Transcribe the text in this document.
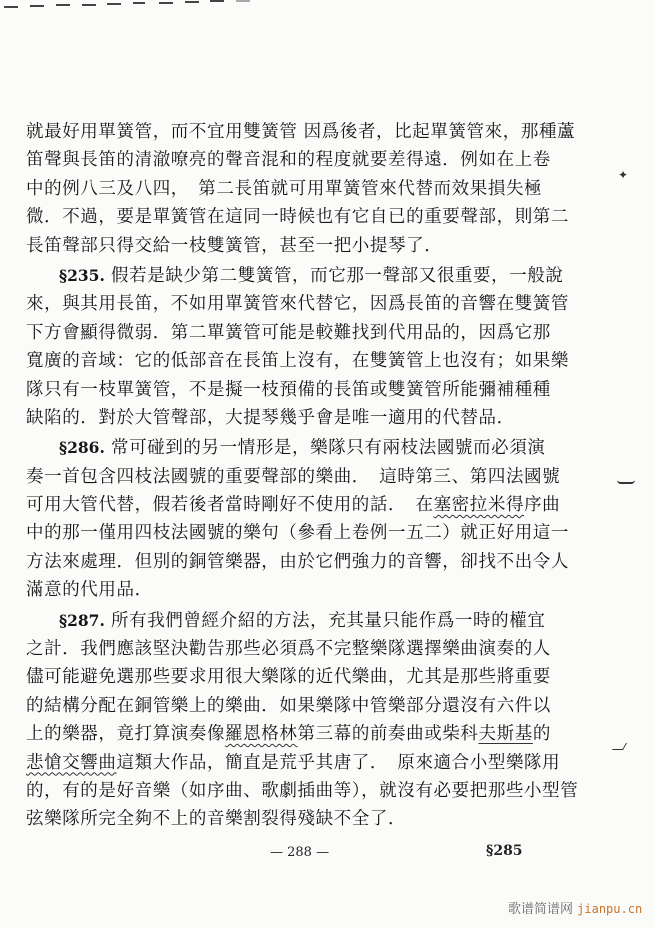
就最好用單簧管，而不宜用雙簧管 因爲後者，比起單簧管來，那種蘆
笛聲與長笛的清澈嘹亮的聲音混和的程度就要差得遠．例如在上卷
中的例八三及八四，　第二長笛就可用單簧管來代替而效果損失極
微．不過，要是單簧管在這同一時候也有它自已的重要聲部，則第二
長笛聲部只得交給一枝雙簧管，甚至一把小提琴了．
§235. 假若是缺少第二雙簧管，而它那一聲部又很重要，一般說
來，與其用長笛，不如用單簧管來代替它，因爲長笛的音響在雙簧管
下方會顯得微弱．第二單簧管可能是較難找到代用品的，因爲它那
寬廣的音域：它的低部音在長笛上沒有，在雙簧管上也沒有；如果樂
隊只有一枝單簧管，不是擬一枝預備的長笛或雙簧管所能彌補種種
缺陷的．對於大管聲部，大提琴幾乎會是唯一適用的代替品．
§286. 常可碰到的另一情形是，樂隊只有兩枝法國號而必須演
奏一首包含四枝法國號的重要聲部的樂曲．　這時第三、第四法國號
可用大管代替，假若後者當時剛好不使用的話．　在塞密拉米得序曲
中的那一僅用四枝法國號的樂句（參看上卷例一五二）就正好用這一
方法來處理．但別的銅管樂器，由於它們強力的音響，卻找不出令人
滿意的代用品．
§287. 所有我們曾經介紹的方法，充其量只能作爲一時的權宜
之計．我們應該堅決勸告那些必須爲不完整樂隊選擇樂曲演奏的人
儘可能避免選那些要求用很大樂隊的近代樂曲，尤其是那些將重要
的結構分配在銅管樂上的樂曲．如果樂隊中管樂部分還沒有六件以
上的樂器，竟打算演奏像羅恩格林第三幕的前奏曲或柴科夫斯基的
悲愴交響曲這類大作品，簡直是荒乎其唐了．　原來適合小型樂隊用
的，有的是好音樂（如序曲、歌劇插曲等），就沒有必要把那些小型管
弦樂隊所完全夠不上的音樂割裂得殘缺不全了．
✦
— 288 —	§285
歌谱简谱网 jianpu.cn
